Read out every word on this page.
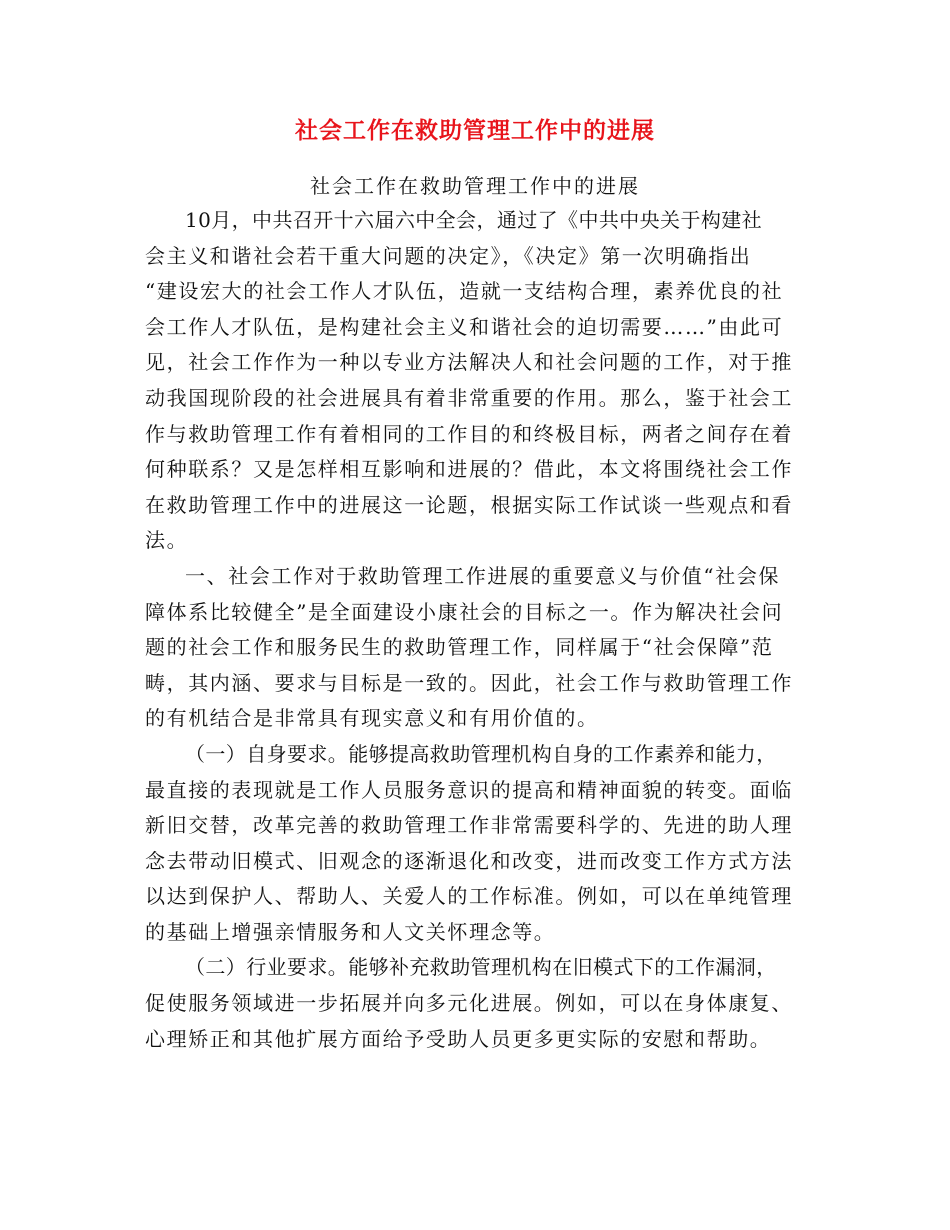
社会工作在救助管理工作中的进展
社会工作在救助管理工作中的进展

10月，中共召开十六届六中全会，通过了《中共中央关于构建社
会主义和谐社会若干重大问题的决定》，《决定》第一次明确指出
“建设宏大的社会工作人才队伍，造就一支结构合理，素养优良的社
会工作人才队伍，是构建社会主义和谐社会的迫切需要……”由此可
见，社会工作作为一种以专业方法解决人和社会问题的工作，对于推
动我国现阶段的社会进展具有着非常重要的作用。那么，鉴于社会工
作与救助管理工作有着相同的工作目的和终极目标，两者之间存在着
何种联系？又是怎样相互影响和进展的？借此，本文将围绕社会工作
在救助管理工作中的进展这一论题，根据实际工作试谈一些观点和看
法。

一、社会工作对于救助管理工作进展的重要意义与价值“社会保
障体系比较健全”是全面建设小康社会的目标之一。作为解决社会问
题的社会工作和服务民生的救助管理工作，同样属于“社会保障”范
畴，其内涵、要求与目标是一致的。因此，社会工作与救助管理工作
的有机结合是非常具有现实意义和有用价值的。

（一）自身要求。能够提高救助管理机构自身的工作素养和能力，
最直接的表现就是工作人员服务意识的提高和精神面貌的转变。面临
新旧交替，改革完善的救助管理工作非常需要科学的、先进的助人理
念去带动旧模式、旧观念的逐渐退化和改变，进而改变工作方式方法
以达到保护人、帮助人、关爱人的工作标准。例如，可以在单纯管理
的基础上增强亲情服务和人文关怀理念等。

（二）行业要求。能够补充救助管理机构在旧模式下的工作漏洞，
促使服务领域进一步拓展并向多元化进展。例如，可以在身体康复、
心理矫正和其他扩展方面给予受助人员更多更实际的安慰和帮助。
